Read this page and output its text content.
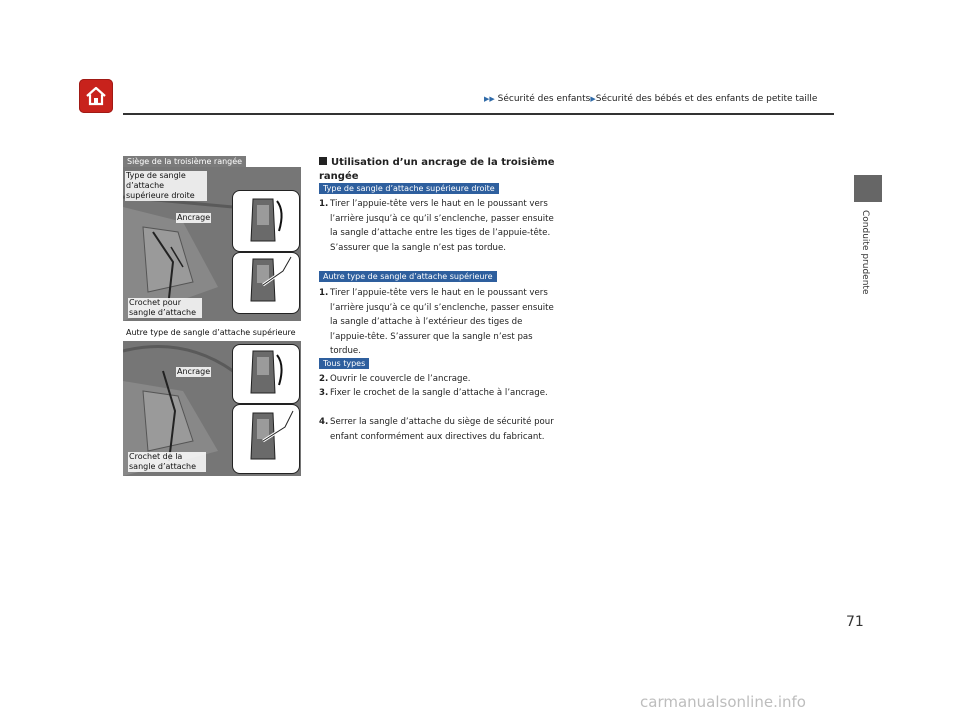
▶▶ Sécurité des enfants▶Sécurité des bébés et des enfants de petite taille
Conduite prudente
Siège de la troisième rangée
Type de sangle d’attache supérieure droite
Ancrage
Crochet pour sangle d’attache
Autre type de sangle d’attache supérieure
Ancrage
Crochet de la sangle d’attache
Utilisation d’un ancrage de la troisième rangée
Type de sangle d’attache supérieure droite
1. Tirer l’appuie-tête vers le haut en le poussant vers l’arrière jusqu’à ce qu’il s’enclenche, passer ensuite la sangle d’attache entre les tiges de l’appuie-tête. S’assurer que la sangle n’est pas tordue.
Autre type de sangle d’attache supérieure
1. Tirer l’appuie-tête vers le haut en le poussant vers l’arrière jusqu’à ce qu’il s’enclenche, passer ensuite la sangle d’attache à l’extérieur des tiges de l’appuie-tête. S’assurer que la sangle n’est pas tordue.
Tous types
2. Ouvrir le couvercle de l’ancrage.
3. Fixer le crochet de la sangle d’attache à l’ancrage.
4. Serrer la sangle d’attache du siège de sécurité pour enfant conformément aux directives du fabricant.
71
carmanualsonline.info
